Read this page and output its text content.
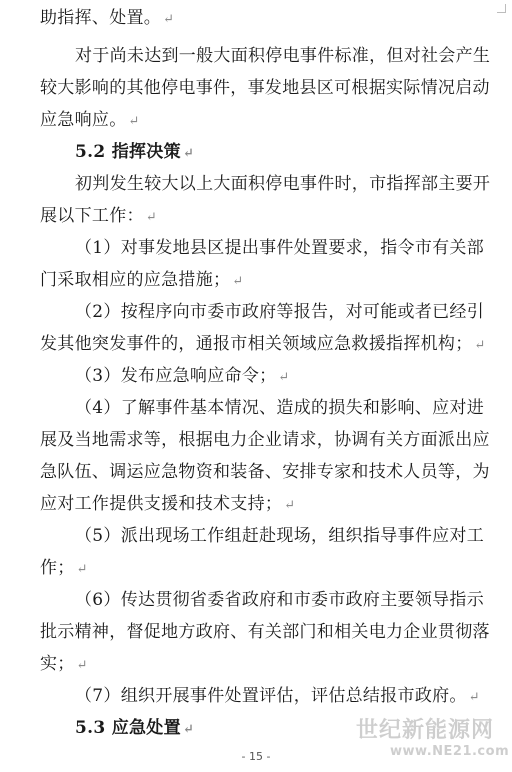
助指挥、处置。 ↵
对于尚未达到一般大面积停电事件标准，但对社会产生
较大影响的其他停电事件，事发地县区可根据实际情况启动
应急响应。 ↵
5.2 指挥决策 ↵
初判发生较大以上大面积停电事件时，市指挥部主要开
展以下工作： ↵
（1）对事发地县区提出事件处置要求，指令市有关部
门采取相应的应急措施； ↵
（2）按程序向市委市政府等报告，对可能或者已经引
发其他突发事件的，通报市相关领域应急救援指挥机构； ↵
（3）发布应急响应命令； ↵
（4）了解事件基本情况、造成的损失和影响、应对进
展及当地需求等，根据电力企业请求，协调有关方面派出应
急队伍、调运应急物资和装备、安排专家和技术人员等，为
应对工作提供支援和技术支持； ↵
（5）派出现场工作组赶赴现场，组织指导事件应对工
作； ↵
（6）传达贯彻省委省政府和市委市政府主要领导指示
批示精神，督促地方政府、有关部门和相关电力企业贯彻落
实； ↵
（7）组织开展事件处置评估，评估总结报市政府。 ↵
5.3 应急处置 ↵
- 15 -
世纪新能源网
www.NE21.com
